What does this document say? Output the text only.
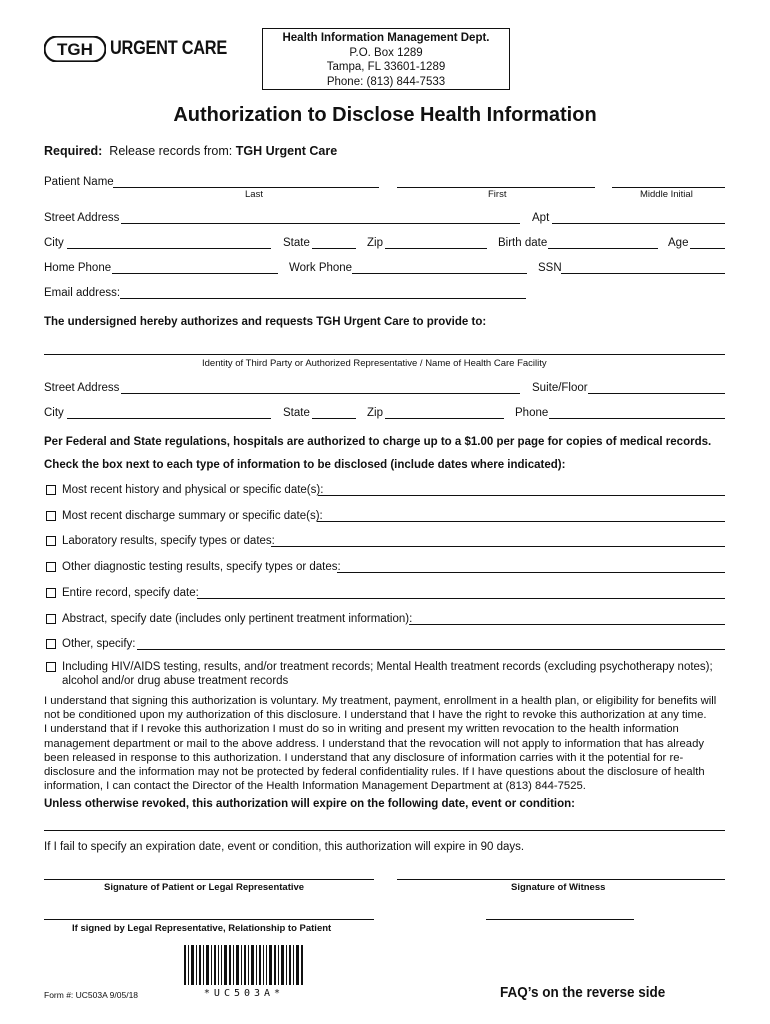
TGH URGENT CARE	Health Information Management Dept.
P.O. Box 1289
Tampa, FL 33601-1289
Phone: (813) 844-7533
Authorization to Disclose Health Information
Required: Release records from: TGH Urgent Care
Patient Name
Last	First	Middle Initial
Street Address	Apt
City	State	Zip	Birth date	Age
Home Phone	Work Phone	SSN
Email address:
The undersigned hereby authorizes and requests TGH Urgent Care to provide to:
Identity of Third Party or Authorized Representative / Name of Health Care Facility
Street Address	Suite/Floor
City	State	Zip	Phone
Per Federal and State regulations, hospitals are authorized to charge up to a $1.00 per page for copies of medical records.
Check the box next to each type of information to be disclosed (include dates where indicated):
Most recent history and physical or specific date(s):
Most recent discharge summary or specific date(s):
Laboratory results, specify types or dates:
Other diagnostic testing results, specify types or dates:
Entire record, specify date:
Abstract, specify date (includes only pertinent treatment information):
Other, specify:
Including HIV/AIDS testing, results, and/or treatment records; Mental Health treatment records (excluding psychotherapy notes);
alcohol and/or drug abuse treatment records
I understand that signing this authorization is voluntary. My treatment, payment, enrollment in a health plan, or eligibility for benefits will
not be conditioned upon my authorization of this disclosure. I understand that I have the right to revoke this authorization at any time.
I understand that if I revoke this authorization I must do so in writing and present my written revocation to the health information
management department or mail to the above address. I understand that the revocation will not apply to information that has already
been released in response to this authorization. I understand that any disclosure of information carries with it the potential for re-
disclosure and the information may not be protected by federal confidentiality rules. If I have questions about the disclosure of health
information, I can contact the Director of the Health Information Management Department at (813) 844-7525.
Unless otherwise revoked, this authorization will expire on the following date, event or condition:
If I fail to specify an expiration date, event or condition, this authorization will expire in 90 days.
Signature of Patient or Legal Representative	Signature of Witness
If signed by Legal Representative, Relationship to Patient
Form #: UC503A 9/05/18	*UC503A*	FAQ’s on the reverse side
